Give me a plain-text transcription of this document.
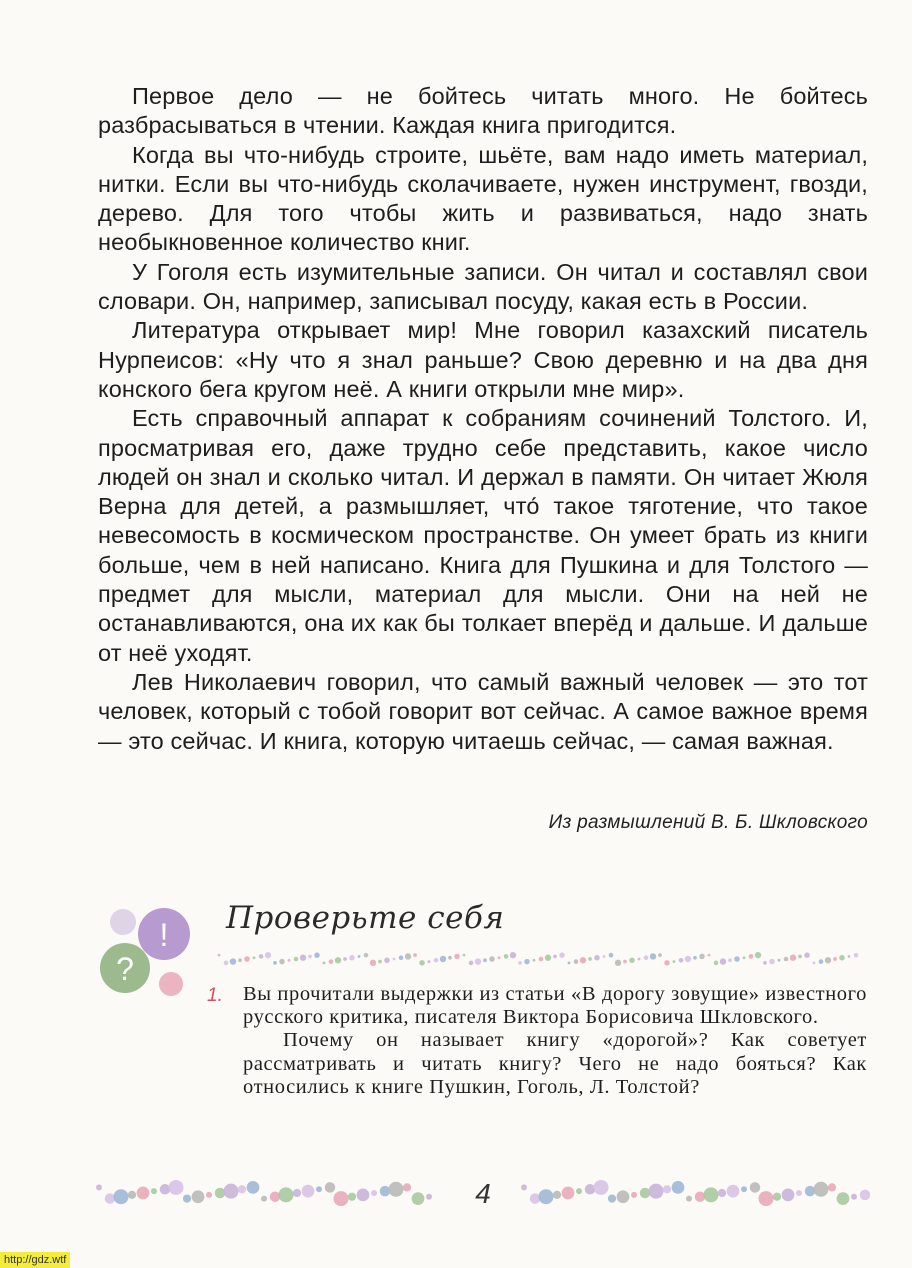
Первое дело — не бойтесь читать много. Не бойтесь разбрасываться в чтении. Каждая книга пригодится.

Когда вы что-нибудь строите, шьёте, вам надо иметь материал, нитки. Если вы что-нибудь сколачиваете, нужен инструмент, гвозди, дерево. Для того чтобы жить и развиваться, надо знать необыкновенное количество книг.

У Гоголя есть изумительные записи. Он читал и составлял свои словари. Он, например, записывал посуду, какая есть в России.

Литература открывает мир! Мне говорил казахский писатель Нурпеисов: «Ну что я знал раньше? Свою деревню и на два дня конского бега кругом неё. А книги открыли мне мир».

Есть справочный аппарат к собраниям сочинений Толстого. И, просматривая его, даже трудно себе представить, какое число людей он знал и сколько читал. И держал в памяти. Он читает Жюля Верна для детей, а размышляет, что́ такое тяготение, что такое невесомость в космическом пространстве. Он умеет брать из книги больше, чем в ней написано. Книга для Пушкина и для Толстого — предмет для мысли, материал для мысли. Они на ней не останавливаются, она их как бы толкает вперёд и дальше. И дальше от неё уходят.

Лев Николаевич говорил, что самый важный человек — это тот человек, который с тобой говорит вот сейчас. А самое важное время — это сейчас. И книга, которую читаешь сейчас, — самая важная.

Из размышлений В. Б. Шкловского
!
?
Проверьте себя
1. Вы прочитали выдержки из статьи «В дорогу зовущие» известного русского критика, писателя Виктора Борисовича Шкловского.

Почему он называет книгу «дорогой»? Как советует рассматривать и читать книгу? Чего не надо бояться? Как относились к книге Пушкин, Гоголь, Л. Толстой?

4
http://gdz.wtf
